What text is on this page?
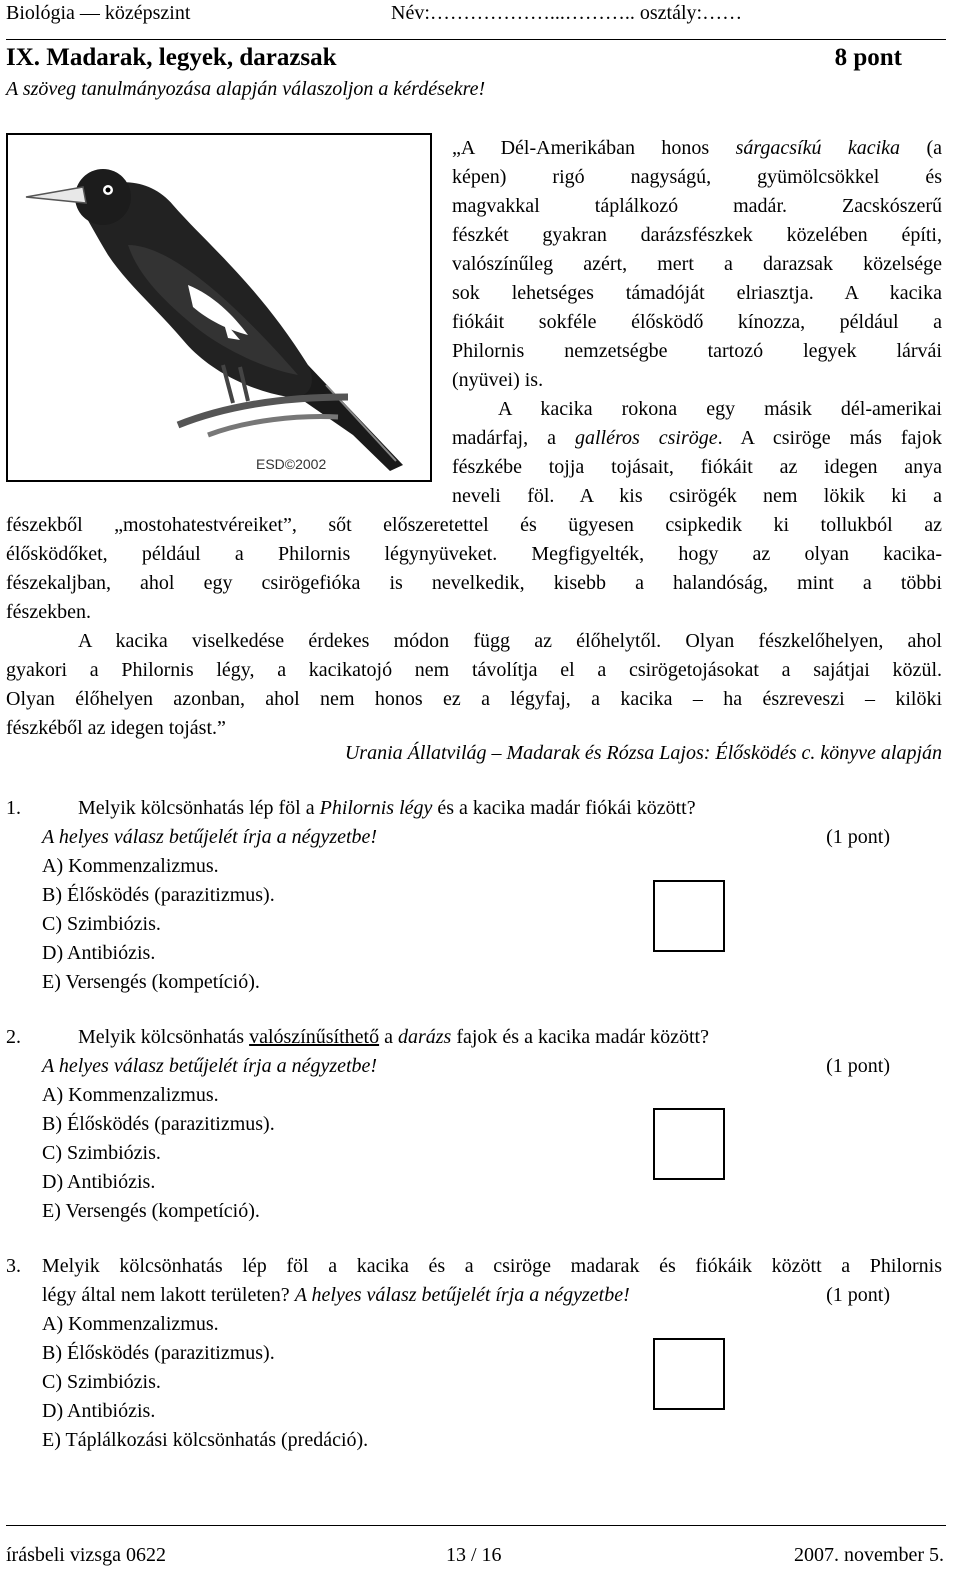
Biológia — középszint	Név:………………...……….. osztály:……
IX. Madarak, legyek, darazsak	8 pont
A szöveg tanulmányozása alapján válaszoljon a kérdésekre!
ESD©2002
„A Dél-Amerikában honos sárgacsíkú kacika (a
képen) rigó nagyságú, gyümölcsökkel és
magvakkal táplálkozó madár. Zacskószerű
fészkét gyakran darázsfészkek közelében építi,
valószínűleg azért, mert a darazsak közelsége
sok lehetséges támadóját elriasztja. A kacika
fiókáit sokféle élősködő kínozza, például a
Philornis nemzetségbe tartozó legyek lárvái
(nyüvei) is.
A kacika rokona egy másik dél-amerikai
madárfaj, a galléros csiröge. A csiröge más fajok
fészkébe tojja tojásait, fiókáit az idegen anya
neveli föl. A kis csirögék nem lökik ki a
fészekből „mostohatestvéreiket”, sőt előszeretettel és ügyesen csipkedik ki tollukból az
élősködőket, például a Philornis légynyüveket. Megfigyelték, hogy az olyan kacika-
fészekaljban, ahol egy csirögefióka is nevelkedik, kisebb a halandóság, mint a többi
fészekben.
A kacika viselkedése érdekes módon függ az élőhelytől. Olyan fészkelőhelyen, ahol
gyakori a Philornis légy, a kacikatojó nem távolítja el a csirögetojásokat a sajátjai közül.
Olyan élőhelyen azonban, ahol nem honos ez a légyfaj, a kacika – ha észreveszi – kilöki
fészkéből az idegen tojást.”
Urania Állatvilág – Madarak és Rózsa Lajos: Élősködés c. könyve alapján
1.	Melyik kölcsönhatás lép föl a Philornis légy és a kacika madár fiókái között?
A helyes válasz betűjelét írja a négyzetbe!	(1 pont)
A) Kommenzalizmus.
B) Élősködés (parazitizmus).
C) Szimbiózis.
D) Antibiózis.
E) Versengés (kompetíció).
2.	Melyik kölcsönhatás valószínűsíthető a darázs fajok és a kacika madár között?
A helyes válasz betűjelét írja a négyzetbe!	(1 pont)
A) Kommenzalizmus.
B) Élősködés (parazitizmus).
C) Szimbiózis.
D) Antibiózis.
E) Versengés (kompetíció).
3. Melyik kölcsönhatás lép föl a kacika és a csiröge madarak és fiókáik között a Philornis
légy által nem lakott területen? A helyes válasz betűjelét írja a négyzetbe!	(1 pont)
A) Kommenzalizmus.
B) Élősködés (parazitizmus).
C) Szimbiózis.
D) Antibiózis.
E) Táplálkozási kölcsönhatás (predáció).
írásbeli vizsga 0622	13 / 16	2007. november 5.
